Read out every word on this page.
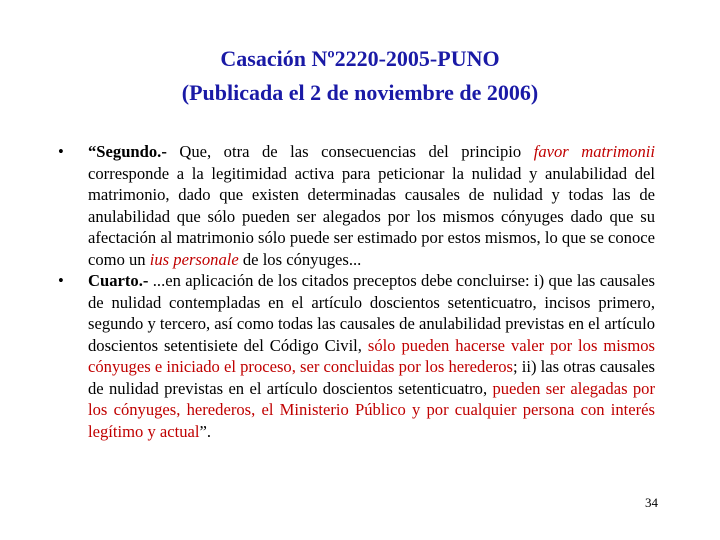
Casación Nº2220-2005-PUNO
(Publicada el 2 de noviembre de 2006)
•	“Segundo.- Que, otra de las consecuencias del principio favor matrimonii corresponde a la legitimidad activa para peticionar la nulidad y anulabilidad del matrimonio, dado que existen determinadas causales de nulidad y todas las de anulabilidad que sólo pueden ser alegados por los mismos cónyuges dado que su afectación al matrimonio sólo puede ser estimado por estos mismos, lo que se conoce como un ius personale de los cónyuges...
•	Cuarto.- ...en aplicación de los citados preceptos debe concluirse: i) que las causales de nulidad contempladas en el artículo doscientos setenticuatro, incisos primero, segundo y tercero, así como todas las causales de anulabilidad previstas en el artículo doscientos setentisiete del Código Civil, sólo pueden hacerse valer por los mismos cónyuges e iniciado el proceso, ser concluidas por los herederos; ii) las otras causales de nulidad previstas en el artículo doscientos setenticuatro, pueden ser alegadas por los cónyuges, herederos, el Ministerio Público y por cualquier persona con interés legítimo y actual”.
34
